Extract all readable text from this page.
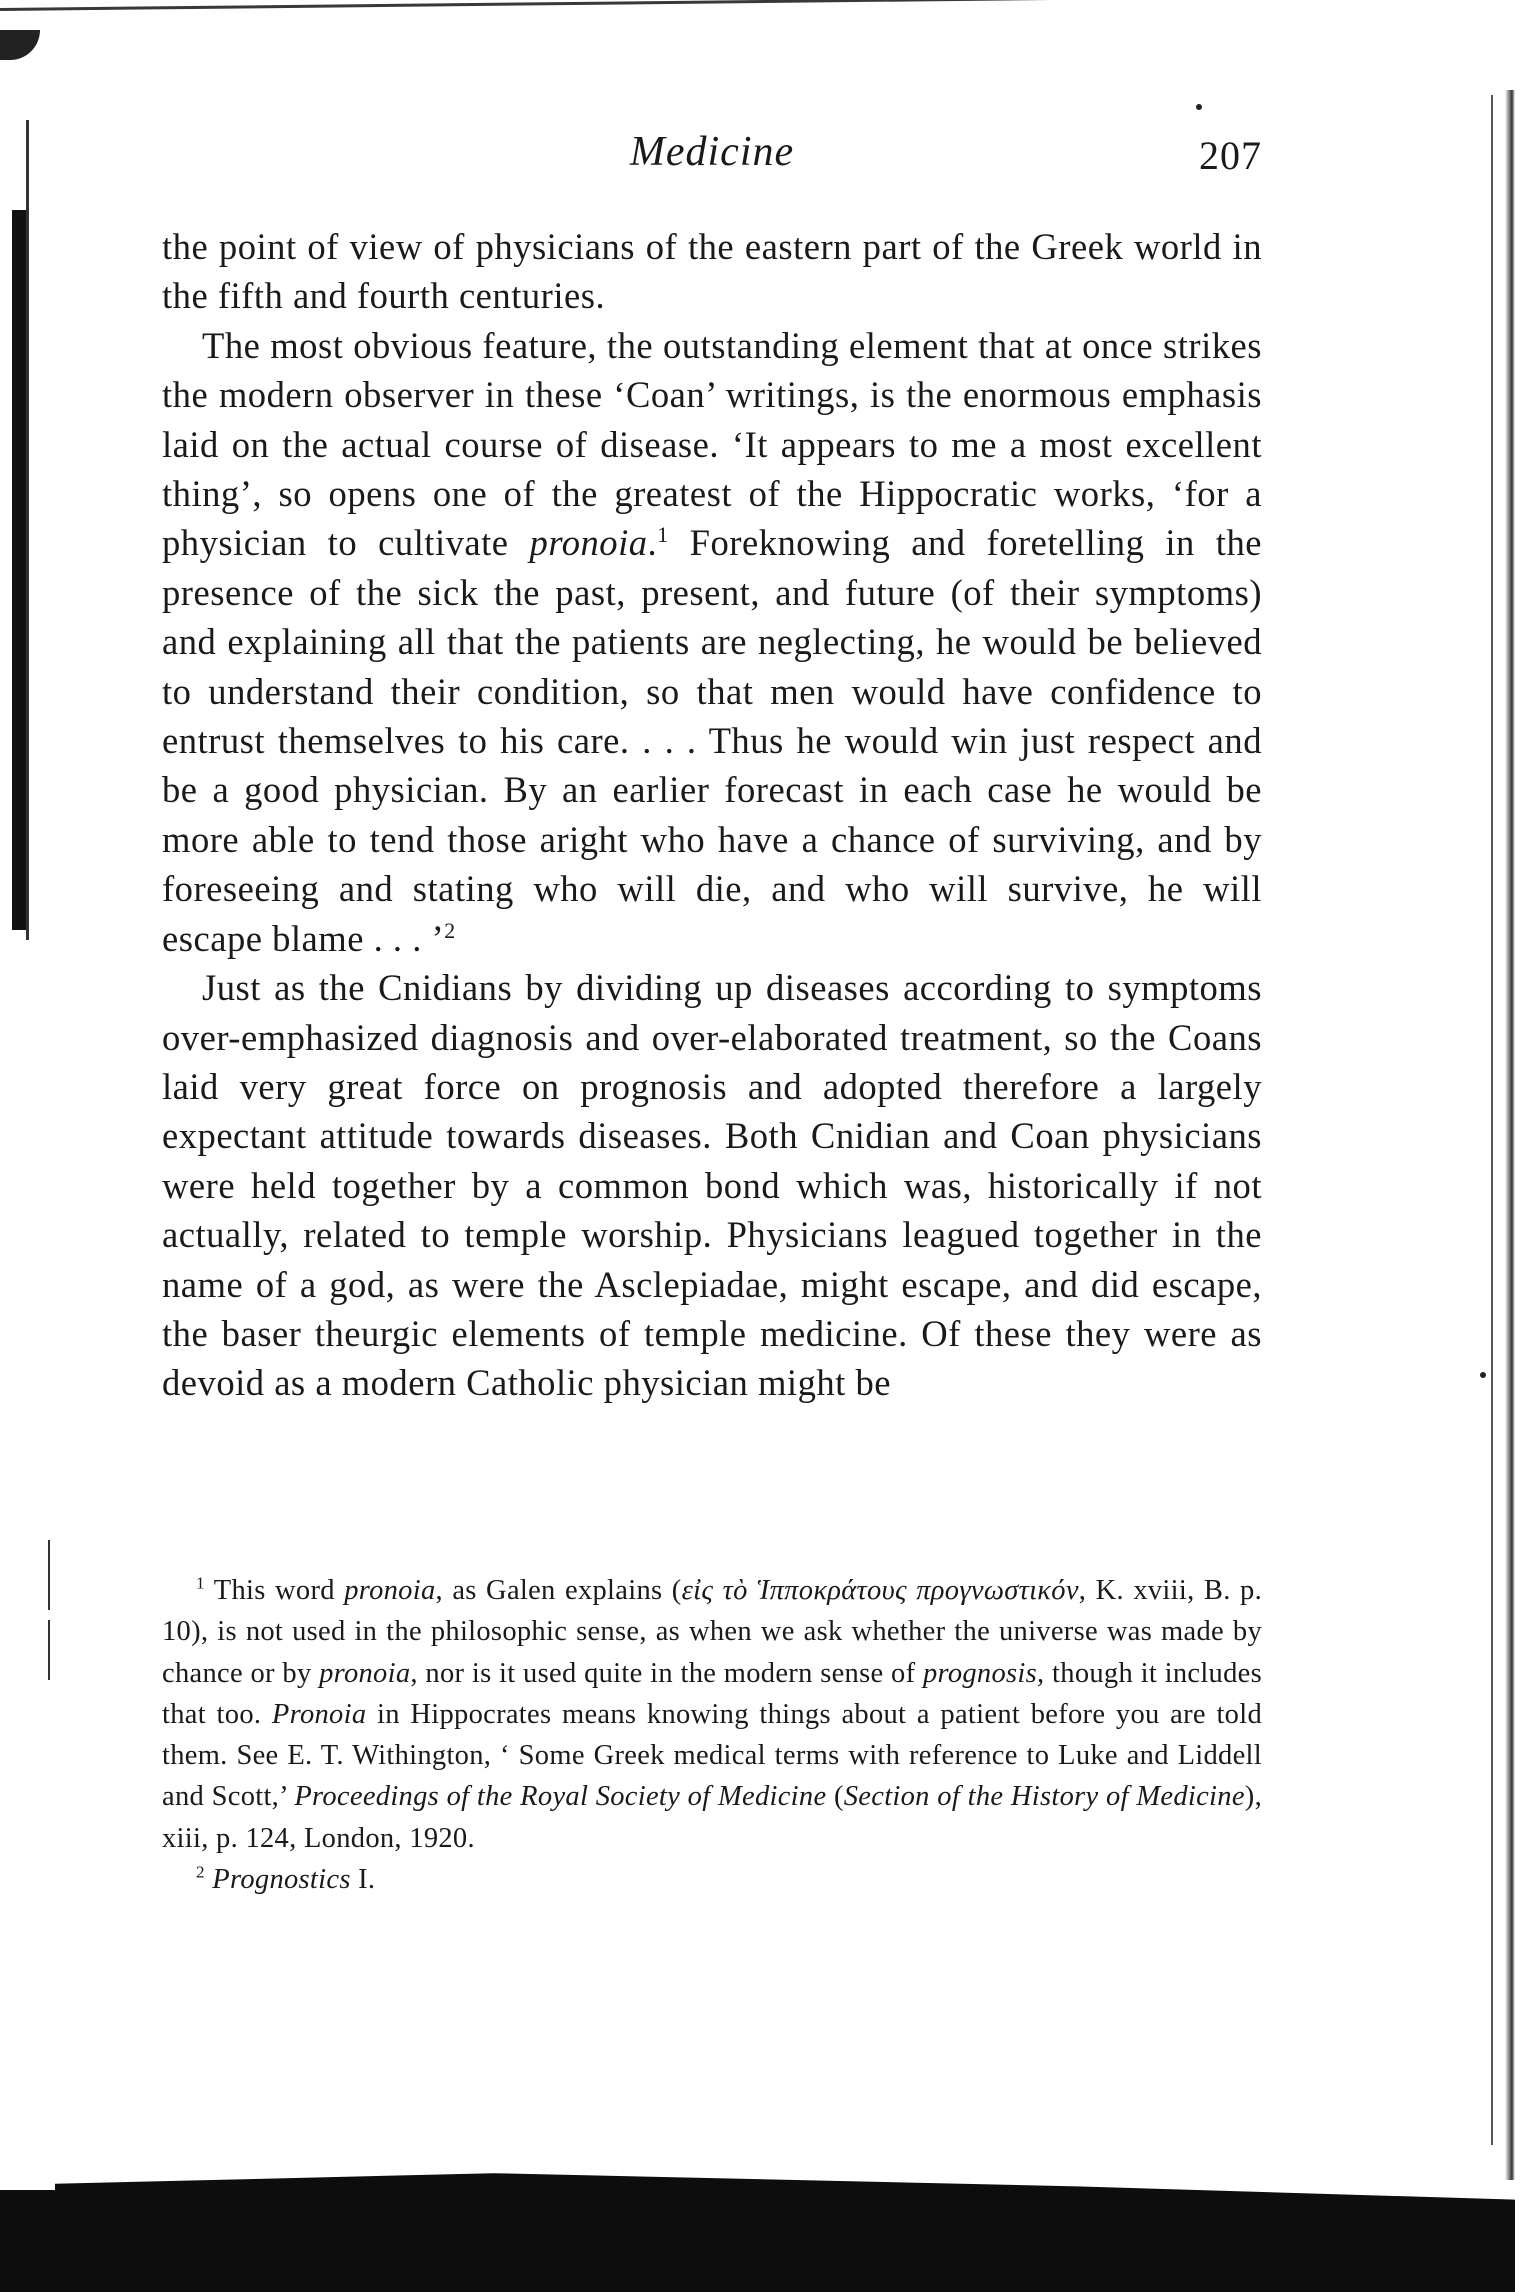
Medicine	207

the point of view of physicians of the eastern part of the Greek world in the fifth and fourth centuries.

The most obvious feature, the outstanding element that at once strikes the modern observer in these ‘Coan’ writings, is the enormous emphasis laid on the actual course of disease. ‘It appears to me a most excellent thing’, so opens one of the greatest of the Hippocratic works, ‘for a physician to cultivate pronoia.$^1$ Foreknowing and foretelling in the presence of the sick the past, present, and future (of their symptoms) and explaining all that the patients are neglecting, he would be believed to understand their condition, so that men would have confidence to entrust themselves to his care. . . . Thus he would win just respect and be a good physician. By an earlier forecast in each case he would be more able to tend those aright who have a chance of surviving, and by foreseeing and stating who will die, and who will survive, he will escape blame . . . ’$^2$

Just as the Cnidians by dividing up diseases according to symptoms over-emphasized diagnosis and over-elaborated treatment, so the Coans laid very great force on prognosis and adopted therefore a largely expectant attitude towards diseases. Both Cnidian and Coan physicians were held together by a common bond which was, historically if not actually, related to temple worship. Physicians leagued together in the name of a god, as were the Asclepiadae, might escape, and did escape, the baser theurgic elements of temple medicine. Of these they were as devoid as a modern Catholic physician might be

$^1$ This word pronoia, as Galen explains (εἰς τὸ Ἱπποκράτους προγνωστικόν, K. xviii, B. p. 10), is not used in the philosophic sense, as when we ask whether the universe was made by chance or by pronoia, nor is it used quite in the modern sense of prognosis, though it includes that too. Pronoia in Hippocrates means knowing things about a patient before you are told them. See E. T. Withington, ‘ Some Greek medical terms with reference to Luke and Liddell and Scott,’ Proceedings of the Royal Society of Medicine (Section of the History of Medicine), xiii, p. 124, London, 1920.

$^2$ Prognostics I.
